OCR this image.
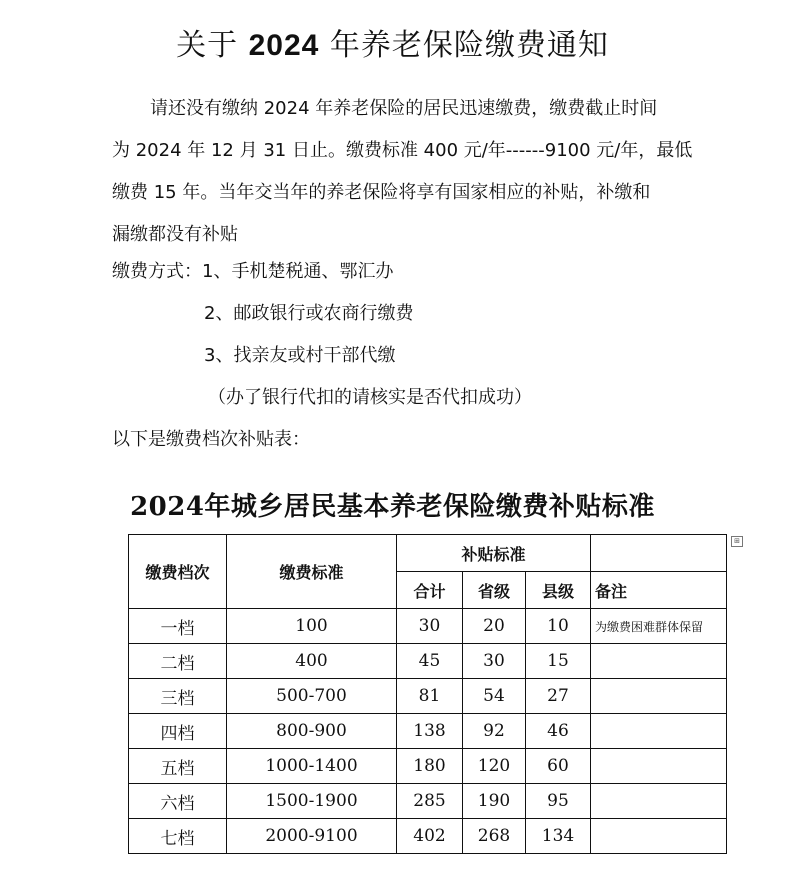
关于 2024 年养老保险缴费通知
请还没有缴纳 2024 年养老保险的居民迅速缴费，缴费截止时间
为 2024 年 12 月 31 日止。缴费标准 400 元/年------9100 元/年，最低
缴费 15 年。当年交当年的养老保险将享有国家相应的补贴，补缴和
漏缴都没有补贴
缴费方式：1、手机楚税通、鄂汇办
2、邮政银行或农商行缴费
3、找亲友或村干部代缴
（办了银行代扣的请核实是否代扣成功）
以下是缴费档次补贴表：
2024年城乡居民基本养老保险缴费补贴标准
⊞
缴费档次	缴费标准	补贴标准			
		合计	省级	县级	备注
一档	100	30	20	10	为缴费困难群体保留
二档	400	45	30	15	
三档	500-700	81	54	27	
四档	800-900	138	92	46	
五档	1000-1400	180	120	60	
六档	1500-1900	285	190	95	
七档	2000-9100	402	268	134	
